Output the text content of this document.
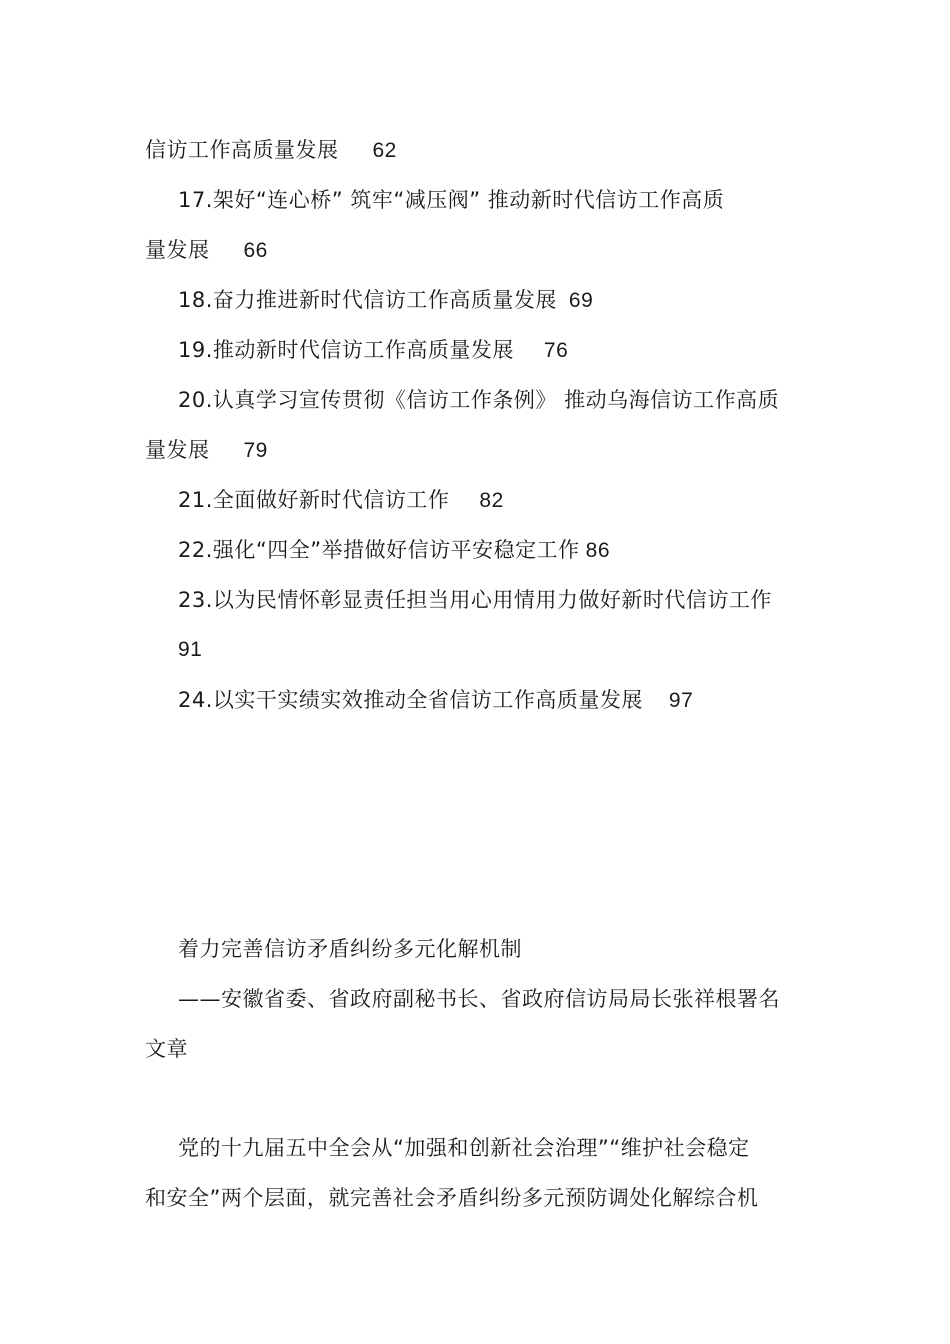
信访工作高质量发展 62
17.架好“连心桥” 筑牢“减压阀” 推动新时代信访工作高质
量发展 66
18.奋力推进新时代信访工作高质量发展 69
19.推动新时代信访工作高质量发展 76
20.认真学习宣传贯彻《信访工作条例》 推动乌海信访工作高质
量发展 79
21.全面做好新时代信访工作 82
22.强化“四全”举措做好信访平安稳定工作 86
23.以为民情怀彰显责任担当用心用情用力做好新时代信访工作
91
24.以实干实绩实效推动全省信访工作高质量发展 97
着力完善信访矛盾纠纷多元化解机制
——安徽省委、省政府副秘书长、省政府信访局局长张祥根署名
文章
党的十九届五中全会从“加强和创新社会治理”“维护社会稳定
和安全”两个层面，就完善社会矛盾纠纷多元预防调处化解综合机
